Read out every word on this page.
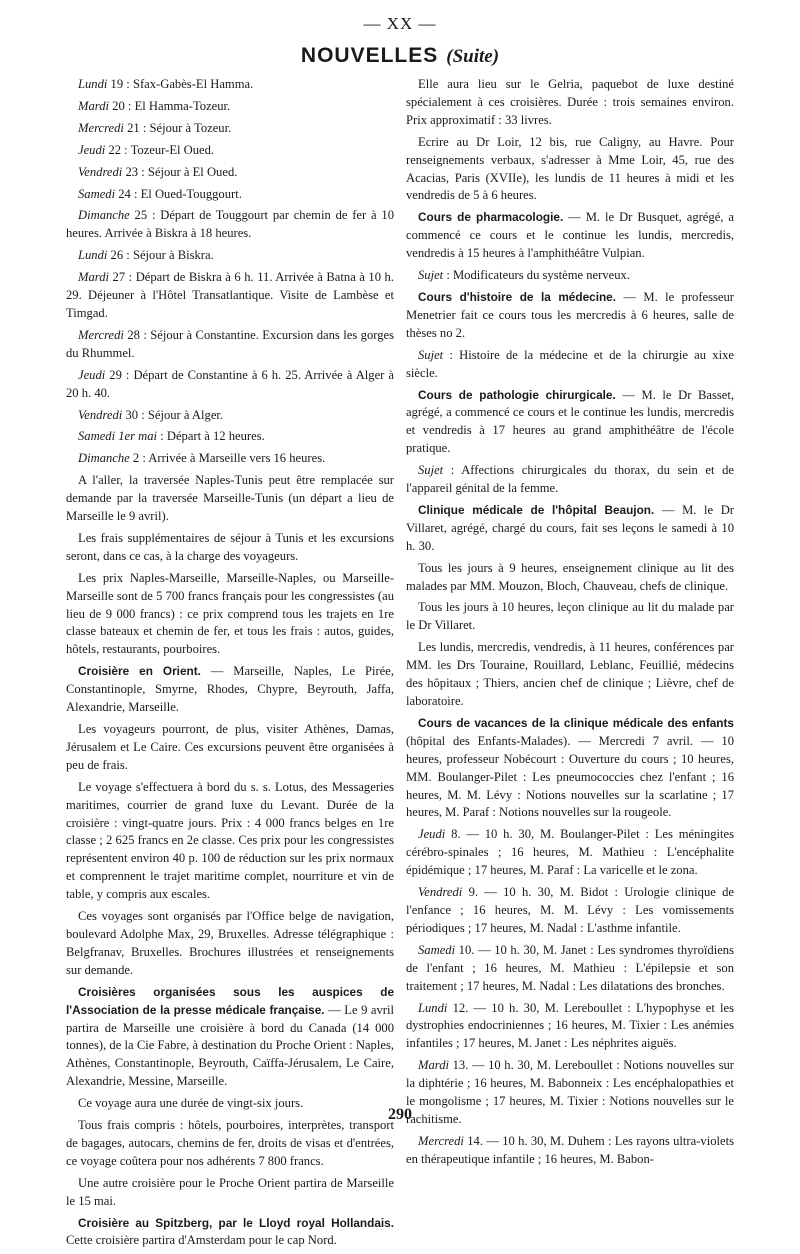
— XX —
NOUVELLES (Suite)

Lundi 19 : Sfax-Gabès-El Hamma.

Mardi 20 : El Hamma-Tozeur.

Mercredi 21 : Séjour à Tozeur.

Jeudi 22 : Tozeur-El Oued.

Vendredi 23 : Séjour à El Oued.

Samedi 24 : El Oued-Touggourt.

Dimanche 25 : Départ de Touggourt par chemin de fer à 10 heures. Arrivée à Biskra à 18 heures.

Lundi 26 : Séjour à Biskra.

Mardi 27 : Départ de Biskra à 6 h. 11. Arrivée à Batna à 10 h. 29. Déjeuner à l'Hôtel Transatlantique. Visite de Lambèse et Timgad.

Mercredi 28 : Séjour à Constantine. Excursion dans les gorges du Rhummel.

Jeudi 29 : Départ de Constantine à 6 h. 25. Arrivée à Alger à 20 h. 40.

Vendredi 30 : Séjour à Alger.

Samedi 1er mai : Départ à 12 heures.

Dimanche 2 : Arrivée à Marseille vers 16 heures.

A l'aller, la traversée Naples-Tunis peut être remplacée sur demande par la traversée Marseille-Tunis (un départ a lieu de Marseille le 9 avril).

Les frais supplémentaires de séjour à Tunis et les excursions seront, dans ce cas, à la charge des voyageurs.

Les prix Naples-Marseille, Marseille-Naples, ou Marseille-Marseille sont de 5 700 francs français pour les congressistes (au lieu de 9 000 francs) : ce prix comprend tous les trajets en 1re classe bateaux et chemin de fer, et tous les frais : autos, guides, hôtels, restaurants, pourboires.

Croisière en Orient. — Marseille, Naples, Le Pirée, Constantinople, Smyrne, Rhodes, Chypre, Beyrouth, Jaffa, Alexandrie, Marseille.

Les voyageurs pourront, de plus, visiter Athènes, Damas, Jérusalem et Le Caire. Ces excursions peuvent être organisées à peu de frais.

Le voyage s'effectuera à bord du s. s. Lotus, des Messageries maritimes, courrier de grand luxe du Levant. Durée de la croisière : vingt-quatre jours. Prix : 4 000 francs belges en 1re classe ; 2 625 francs en 2e classe. Ces prix pour les congressistes représentent environ 40 p. 100 de réduction sur les prix normaux et comprennent le trajet maritime complet, nourriture et vin de table, y compris aux escales.

Ces voyages sont organisés par l'Office belge de navigation, boulevard Adolphe Max, 29, Bruxelles. Adresse télégraphique : Belgfranav, Bruxelles. Brochures illustrées et renseignements sur demande.

Croisières organisées sous les auspices de l'Association de la presse médicale française. — Le 9 avril partira de Marseille une croisière à bord du Canada (14 000 tonnes), de la Cie Fabre, à destination du Proche Orient : Naples, Athènes, Constantinople, Beyrouth, Caïffa-Jérusalem, Le Caire, Alexandrie, Messine, Marseille.

Ce voyage aura une durée de vingt-six jours.

Tous frais compris : hôtels, pourboires, interprètes, transport de bagages, autocars, chemins de fer, droits de visas et d'entrées, ce voyage coûtera pour nos adhérents 7 800 francs.

Une autre croisière pour le Proche Orient partira de Marseille le 15 mai.

Croisière au Spitzberg, par le Lloyd royal Hollandais. Cette croisière partira d'Amsterdam pour le cap Nord.

Elle aura lieu sur le Gelria, paquebot de luxe destiné spécialement à ces croisières. Durée : trois semaines environ. Prix approximatif : 33 livres.

Ecrire au Dr Loir, 12 bis, rue Caligny, au Havre. Pour renseignements verbaux, s'adresser à Mme Loir, 45, rue des Acacias, Paris (XVIIe), les lundis de 11 heures à midi et les vendredis de 5 à 6 heures.

Cours de pharmacologie. — M. le Dr Busquet, agrégé, a commencé ce cours et le continue les lundis, mercredis, vendredis à 15 heures à l'amphithéâtre Vulpian.

Sujet : Modificateurs du système nerveux.

Cours d'histoire de la médecine. — M. le professeur Menetrier fait ce cours tous les mercredis à 6 heures, salle de thèses no 2.

Sujet : Histoire de la médecine et de la chirurgie au xixe siècle.

Cours de pathologie chirurgicale. — M. le Dr Basset, agrégé, a commencé ce cours et le continue les lundis, mercredis et vendredis à 17 heures au grand amphithéâtre de l'école pratique.

Sujet : Affections chirurgicales du thorax, du sein et de l'appareil génital de la femme.

Clinique médicale de l'hôpital Beaujon. — M. le Dr Villaret, agrégé, chargé du cours, fait ses leçons le samedi à 10 h. 30.

Tous les jours à 9 heures, enseignement clinique au lit des malades par MM. Mouzon, Bloch, Chauveau, chefs de clinique.

Tous les jours à 10 heures, leçon clinique au lit du malade par le Dr Villaret.

Les lundis, mercredis, vendredis, à 11 heures, conférences par MM. les Drs Touraine, Rouillard, Leblanc, Feuillié, médecins des hôpitaux ; Thiers, ancien chef de clinique ; Lièvre, chef de laboratoire.

Cours de vacances de la clinique médicale des enfants (hôpital des Enfants-Malades). — Mercredi 7 avril. — 10 heures, professeur Nobécourt : Ouverture du cours ; 10 heures, MM. Boulanger-Pilet : Les pneumococcies chez l'enfant ; 16 heures, M. M. Lévy : Notions nouvelles sur la scarlatine ; 17 heures, M. Paraf : Notions nouvelles sur la rougeole.

Jeudi 8. — 10 h. 30, M. Boulanger-Pilet : Les méningites cérébro-spinales ; 16 heures, M. Mathieu : L'encéphalite épidémique ; 17 heures, M. Paraf : La varicelle et le zona.

Vendredi 9. — 10 h. 30, M. Bidot : Urologie clinique de l'enfance ; 16 heures, M. M. Lévy : Les vomissements périodiques ; 17 heures, M. Nadal : L'asthme infantile.

Samedi 10. — 10 h. 30, M. Janet : Les syndromes thyroïdiens de l'enfant ; 16 heures, M. Mathieu : L'épilepsie et son traitement ; 17 heures, M. Nadal : Les dilatations des bronches.

Lundi 12. — 10 h. 30, M. Lereboullet : L'hypophyse et les dystrophies endocriniennes ; 16 heures, M. Tixier : Les anémies infantiles ; 17 heures, M. Janet : Les néphrites aiguës.

Mardi 13. — 10 h. 30, M. Lereboullet : Notions nouvelles sur la diphtérie ; 16 heures, M. Babonneix : Les encéphalopathies et le mongolisme ; 17 heures, M. Tixier : Notions nouvelles sur le rachitisme.

Mercredi 14. — 10 h. 30, M. Duhem : Les rayons ultra-violets en thérapeutique infantile ; 16 heures, M. Babon-

290
